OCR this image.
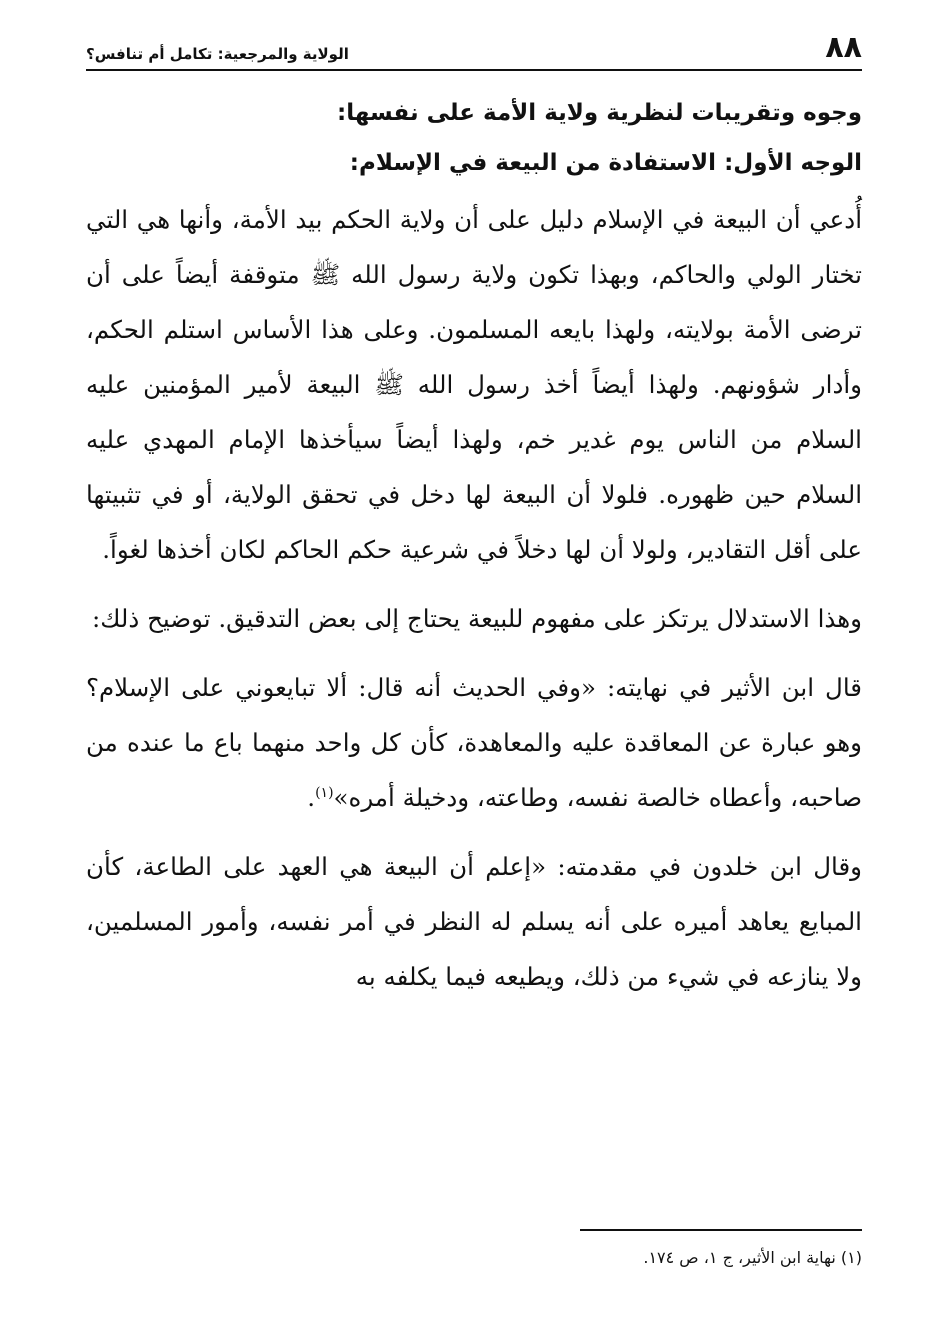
٨٨
الولاية والمرجعية: تكامل أم تنافس؟
وجوه وتقريبات لنظرية ولاية الأمة على نفسها:
الوجه الأول: الاستفادة من البيعة في الإسلام:

أُدعي أن البيعة في الإسلام دليل على أن ولاية الحكم بيد الأمة، وأنها هي التي تختار الولي والحاكم، وبهذا تكون ولاية رسول الله ﷺ متوقفة أيضاً على أن ترضى الأمة بولايته، ولهذا بايعه المسلمون. وعلى هذا الأساس استلم الحكم، وأدار شؤونهم. ولهذا أيضاً أخذ رسول الله ﷺ البيعة لأمير المؤمنين عليه السلام من الناس يوم غدير خم، ولهذا أيضاً سيأخذها الإمام المهدي عليه السلام حين ظهوره. فلولا أن البيعة لها دخل في تحقق الولاية، أو في تثبيتها على أقل التقادير، ولولا أن لها دخلاً في شرعية حكم الحاكم لكان أخذها لغواً.

وهذا الاستدلال يرتكز على مفهوم للبيعة يحتاج إلى بعض التدقيق. توضيح ذلك:

قال ابن الأثير في نهايته: «وفي الحديث أنه قال: ألا تبايعوني على الإسلام؟ وهو عبارة عن المعاقدة عليه والمعاهدة، كأن كل واحد منهما باع ما عنده من صاحبه، وأعطاه خالصة نفسه، وطاعته، ودخيلة أمره»$^{(١)}$.

وقال ابن خلدون في مقدمته: «إعلم أن البيعة هي العهد على الطاعة، كأن المبايع يعاهد أميره على أنه يسلم له النظر في أمر نفسه، وأمور المسلمين، ولا ينازعه في شيء من ذلك، ويطيعه فيما يكلفه به

(١) نهاية ابن الأثير، ج ١، ص ١٧٤.
